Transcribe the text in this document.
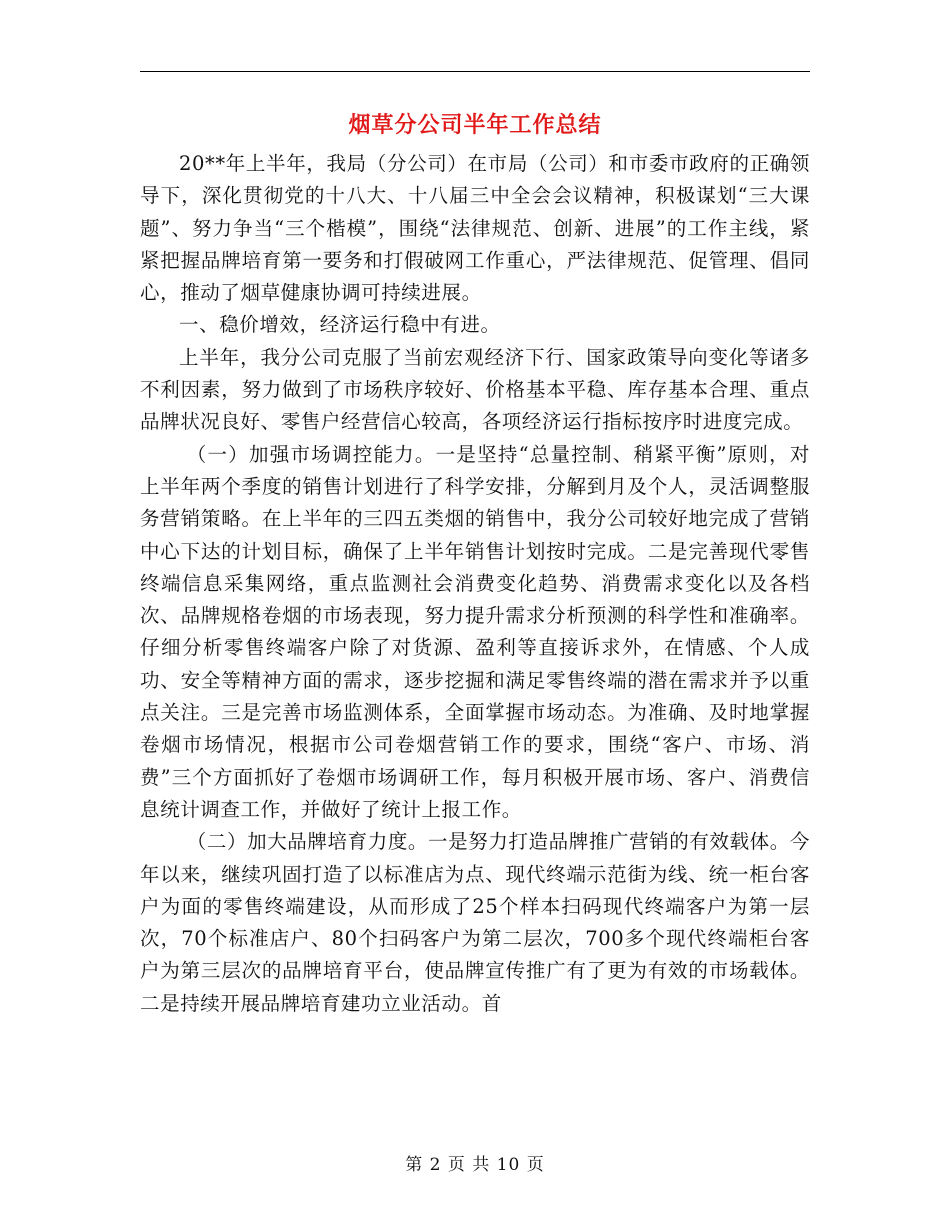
烟草分公司半年工作总结

20**年上半年，我局（分公司）在市局（公司）和市委市政府的正确领导下，深化贯彻党的十八大、十八届三中全会会议精神，积极谋划“三大课题”、努力争当“三个楷模”，围绕“法律规范、创新、进展”的工作主线，紧紧把握品牌培育第一要务和打假破网工作重心，严法律规范、促管理、倡同心，推动了烟草健康协调可持续进展。

一、稳价增效，经济运行稳中有进。

上半年，我分公司克服了当前宏观经济下行、国家政策导向变化等诸多不利因素，努力做到了市场秩序较好、价格基本平稳、库存基本合理、重点品牌状况良好、零售户经营信心较高，各项经济运行指标按序时进度完成。

（一）加强市场调控能力。一是坚持“总量控制、稍紧平衡”原则，对上半年两个季度的销售计划进行了科学安排，分解到月及个人，灵活调整服务营销策略。在上半年的三四五类烟的销售中，我分公司较好地完成了营销中心下达的计划目标，确保了上半年销售计划按时完成。二是完善现代零售终端信息采集网络，重点监测社会消费变化趋势、消费需求变化以及各档次、品牌规格卷烟的市场表现，努力提升需求分析预测的科学性和准确率。仔细分析零售终端客户除了对货源、盈利等直接诉求外，在情感、个人成功、安全等精神方面的需求，逐步挖掘和满足零售终端的潜在需求并予以重点关注。三是完善市场监测体系，全面掌握市场动态。为准确、及时地掌握卷烟市场情况，根据市公司卷烟营销工作的要求，围绕“客户、市场、消费”三个方面抓好了卷烟市场调研工作，每月积极开展市场、客户、消费信息统计调查工作，并做好了统计上报工作。

（二）加大品牌培育力度。一是努力打造品牌推广营销的有效载体。今年以来，继续巩固打造了以标准店为点、现代终端示范街为线、统一柜台客户为面的零售终端建设，从而形成了25个样本扫码现代终端客户为第一层次，70个标准店户、80个扫码客户为第二层次，700多个现代终端柜台客户为第三层次的品牌培育平台，使品牌宣传推广有了更为有效的市场载体。二是持续开展品牌培育建功立业活动。首

第 2 页 共 10 页
